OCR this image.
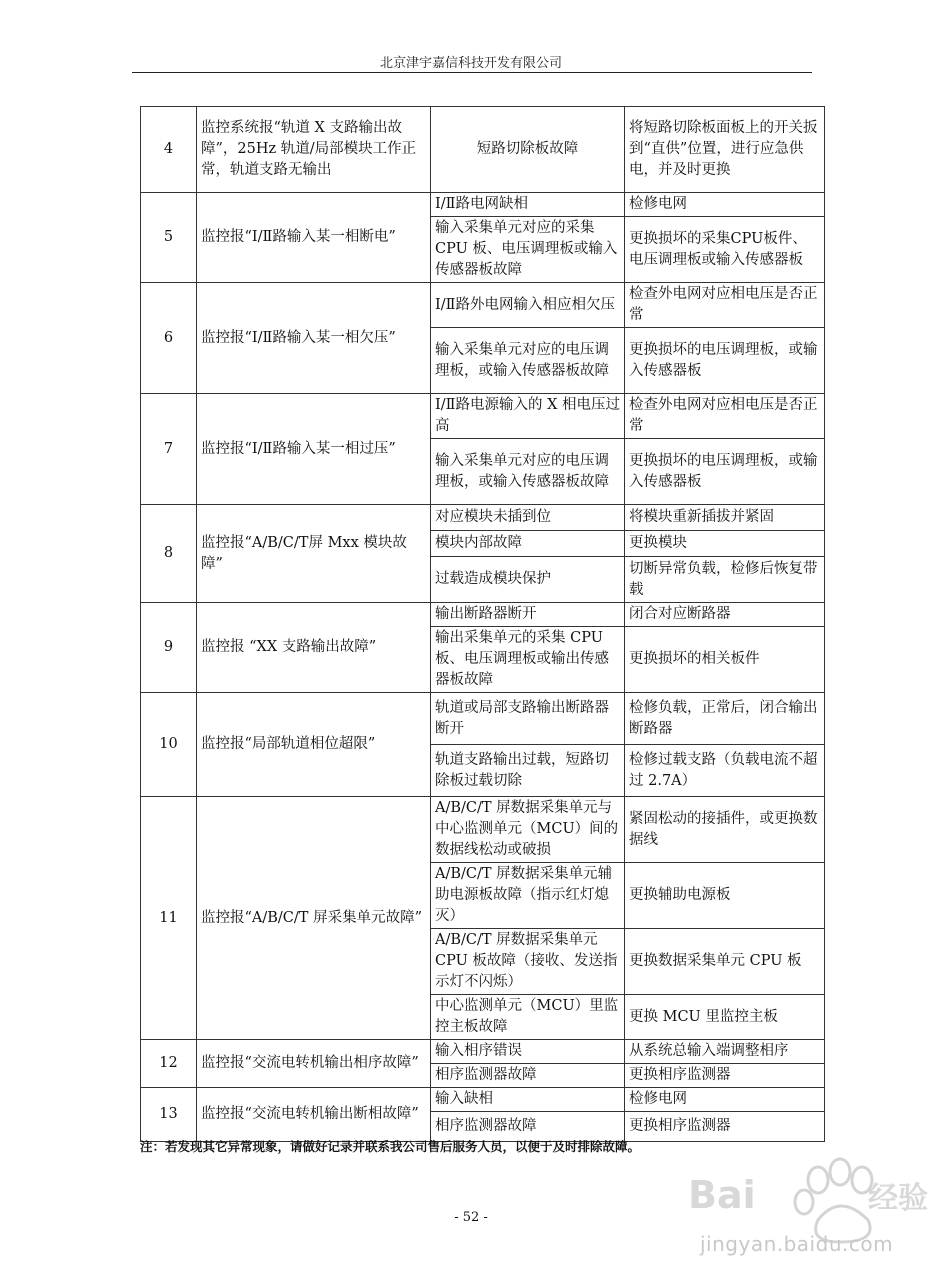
北京津宇嘉信科技开发有限公司
4	监控系统报“轨道 X 支路输出故障”，25Hz 轨道/局部模块工作正常，轨道支路无输出	短路切除板故障	将短路切除板面板上的开关扳到“直供”位置，进行应急供电，并及时更换
5	监控报“Ⅰ/Ⅱ路输入某一相断电”	Ⅰ/Ⅱ路电网缺相	检修电网
		输入采集单元对应的采集CPU 板、电压调理板或输入传感器板故障	更换损坏的采集CPU板件、电压调理板或输入传感器板
6	监控报“Ⅰ/Ⅱ路输入某一相欠压”	Ⅰ/Ⅱ路外电网输入相应相欠压	检查外电网对应相电压是否正常
		输入采集单元对应的电压调理板，或输入传感器板故障	更换损坏的电压调理板，或输入传感器板
7	监控报“Ⅰ/Ⅱ路输入某一相过压”	Ⅰ/Ⅱ路电源输入的 X 相电压过高	检查外电网对应相电压是否正常
		输入采集单元对应的电压调理板，或输入传感器板故障	更换损坏的电压调理板，或输入传感器板
8	监控报“A/B/C/T屏 Mxx 模块故障”	对应模块未插到位	将模块重新插拔并紧固
		模块内部故障	更换模块
		过载造成模块保护	切断异常负载，检修后恢复带载
9	监控报 “XX 支路输出故障”	输出断路器断开	闭合对应断路器
		输出采集单元的采集 CPU板、电压调理板或输出传感器板故障	更换损坏的相关板件
10	监控报“局部轨道相位超限”	轨道或局部支路输出断路器断开	检修负载，正常后，闭合输出断路器
		轨道支路输出过载，短路切除板过载切除	检修过载支路（负载电流不超过 2.7A）
11	监控报“A/B/C/T 屏采集单元故障”	A/B/C/T 屏数据采集单元与中心监测单元（MCU）间的数据线松动或破损	紧固松动的接插件，或更换数据线
		A/B/C/T 屏数据采集单元辅助电源板故障（指示红灯熄灭）	更换辅助电源板
		A/B/C/T 屏数据采集单元CPU 板故障（接收、发送指示灯不闪烁）	更换数据采集单元 CPU 板
		中心监测单元（MCU）里监控主板故障	更换 MCU 里监控主板
12	监控报“交流电转机输出相序故障”	输入相序错误	从系统总输入端调整相序
		相序监测器故障	更换相序监测器
13	监控报“交流电转机输出断相故障”	输入缺相	检修电网
		相序监测器故障	更换相序监测器
注：若发现其它异常现象，请做好记录并联系我公司售后服务人员，以便于及时排除故障。
Bai	经验
jingyan.baidu.com
- 52 -
